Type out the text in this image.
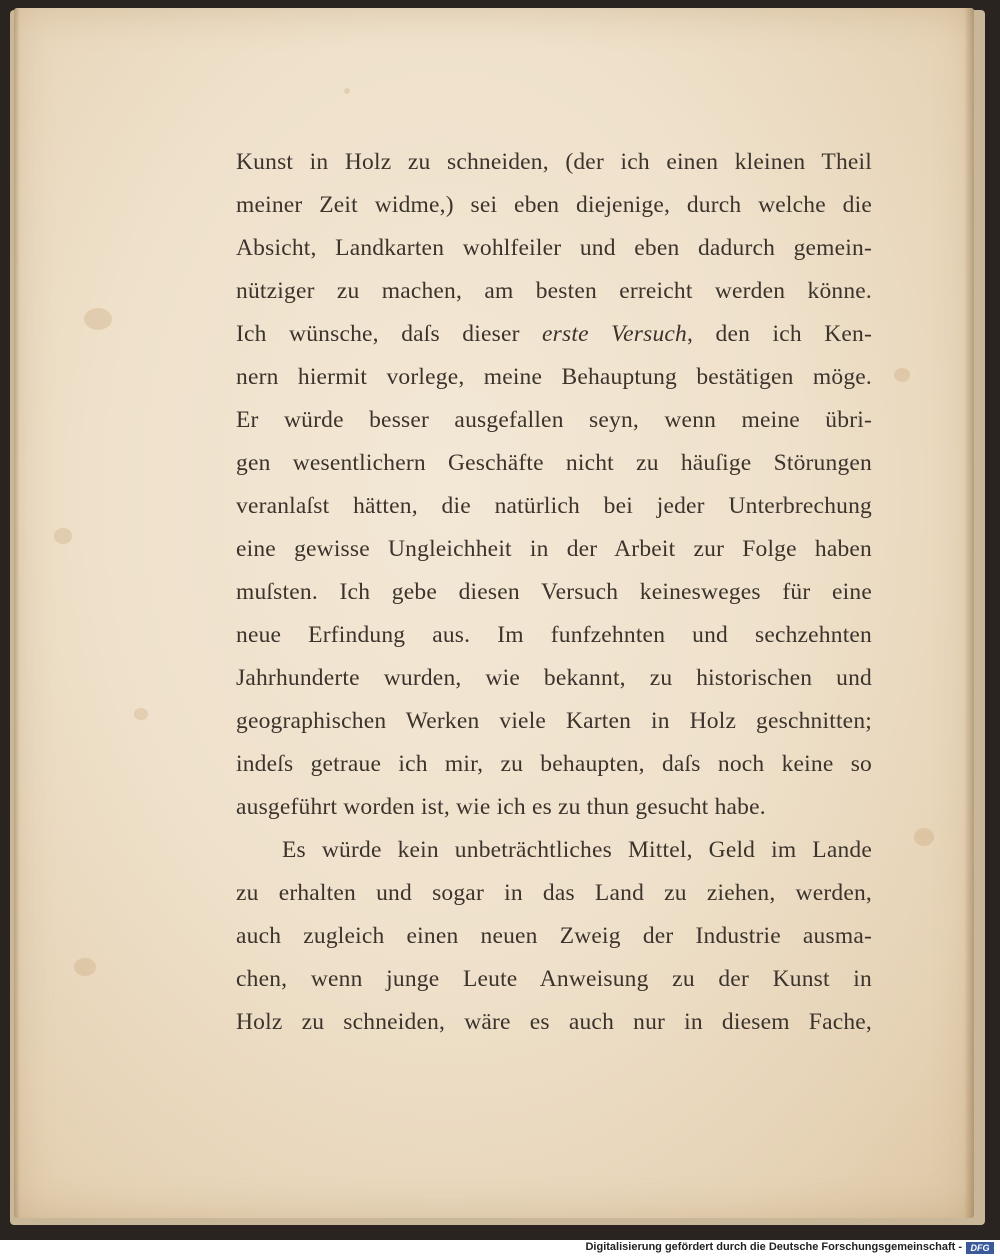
Kunst in Holz zu schneiden, (der ich einen kleinen Theil
meiner Zeit widme,) sei eben diejenige, durch welche die
Absicht, Landkarten wohlfeiler und eben dadurch gemein-
nütziger zu machen, am besten erreicht werden könne.
Ich wünsche, daſs dieser erste Versuch, den ich Ken-
nern hiermit vorlege, meine Behauptung bestätigen möge.
Er würde besser ausgefallen seyn, wenn meine übri-
gen wesentlichern Geschäfte nicht zu häuſige Störungen
veranlaſst hätten, die natürlich bei jeder Unterbrechung
eine gewisse Ungleichheit in der Arbeit zur Folge haben
muſsten. Ich gebe diesen Versuch keinesweges für eine
neue Erfindung aus. Im funfzehnten und sechzehnten
Jahrhunderte wurden, wie bekannt, zu historischen und
geographischen Werken viele Karten in Holz geschnitten;
indeſs getraue ich mir, zu behaupten, daſs noch keine so
ausgeführt worden ist, wie ich es zu thun gesucht habe.
Es würde kein unbeträchtliches Mittel, Geld im Lande
zu erhalten und sogar in das Land zu ziehen, werden,
auch zugleich einen neuen Zweig der Industrie ausma-
chen, wenn junge Leute Anweisung zu der Kunst in
Holz zu schneiden, wäre es auch nur in diesem Fache,
Digitalisierung gefördert durch die Deutsche Forschungsgemeinschaft - DFG
